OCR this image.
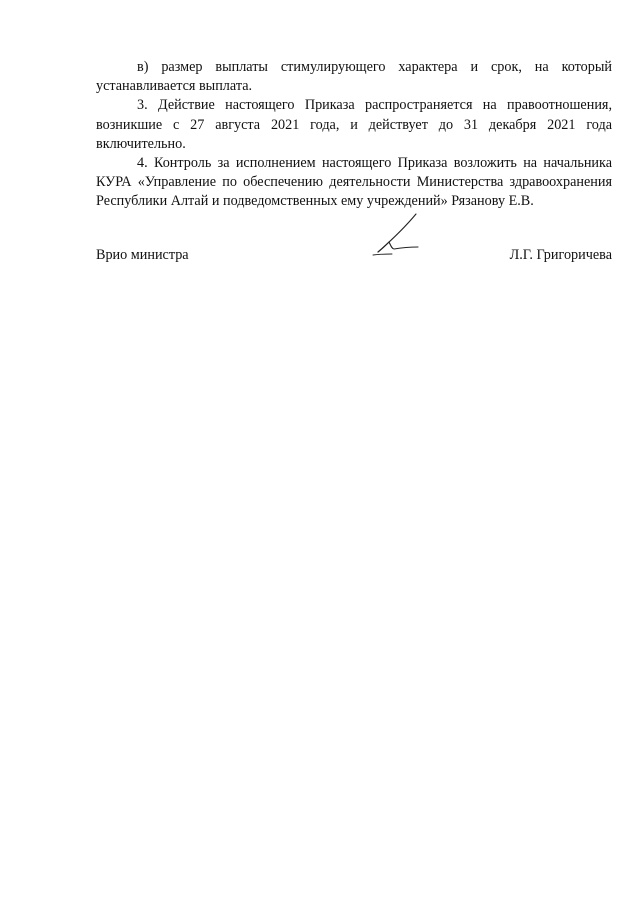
в) размер выплаты стимулирующего характера и срок, на который устанавливается выплата.

3. Действие настоящего Приказа распространяется на правоотношения, возникшие с 27 августа 2021 года, и действует до 31 декабря 2021 года включительно.

4. Контроль за исполнением настоящего Приказа возложить на начальника КУРА «Управление по обеспечению деятельности Министерства здравоохранения Республики Алтай и подведомственных ему учреждений» Рязанову Е.В.

Врио министра	Л.Г. Григоричева
